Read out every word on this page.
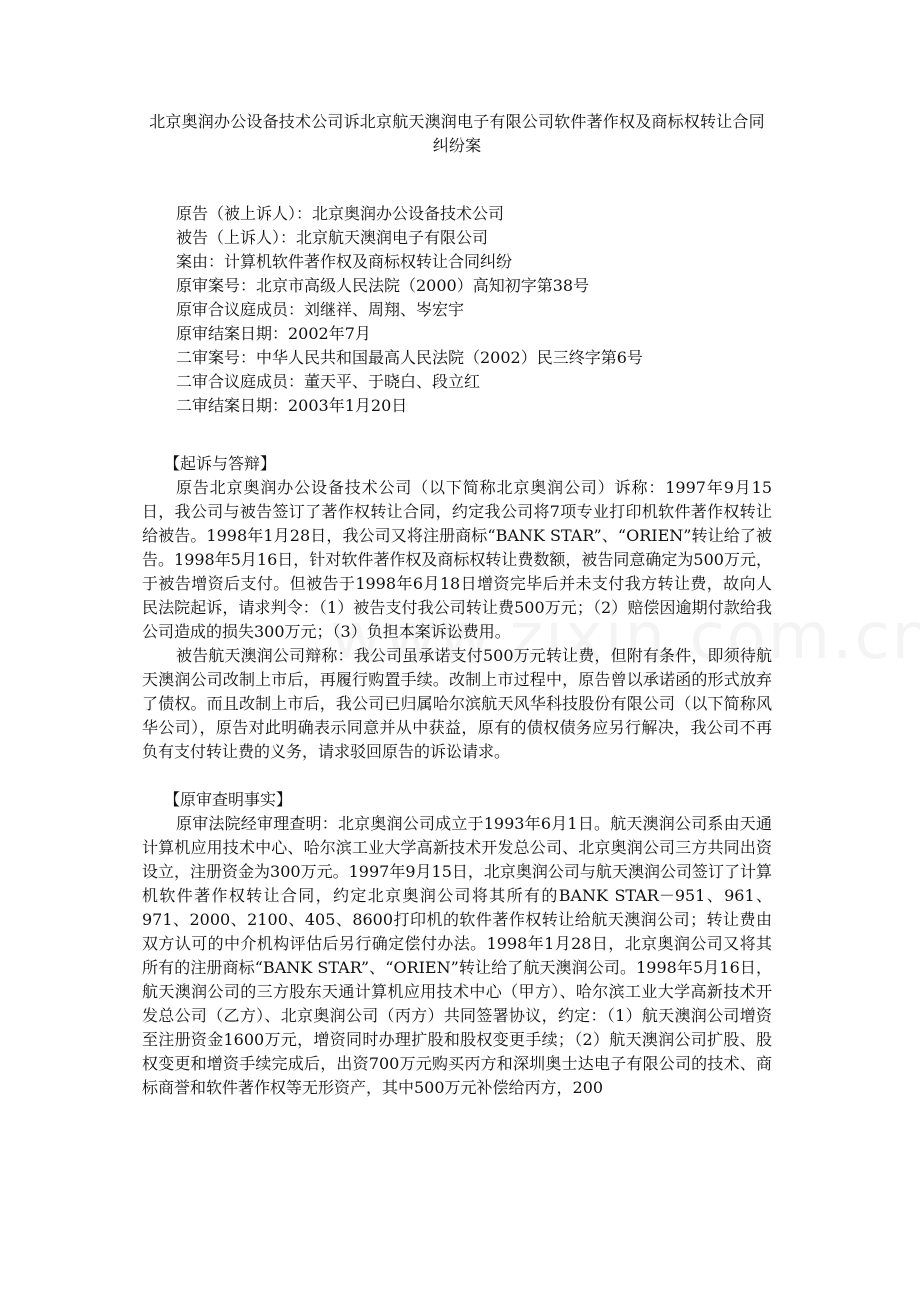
北京奥润办公设备技术公司诉北京航天澳润电子有限公司软件著作权及商标权转让合同纠纷案
原告（被上诉人）：北京奥润办公设备技术公司
被告（上诉人）：北京航天澳润电子有限公司
案由：计算机软件著作权及商标权转让合同纠纷
原审案号：北京市高级人民法院（2000）高知初字第38号
原审合议庭成员：刘继祥、周翔、岑宏宇
原审结案日期：2002年7月
二审案号：中华人民共和国最高人民法院（2002）民三终字第6号
二审合议庭成员：董天平、于晓白、段立红
二审结案日期：2003年1月20日
【起诉与答辩】

原告北京奥润办公设备技术公司（以下简称北京奥润公司）诉称：1997年9月15日，我公司与被告签订了著作权转让合同，约定我公司将7项专业打印机软件著作权转让给被告。1998年1月28日，我公司又将注册商标“BANK STAR”、“ORIEN”转让给了被告。1998年5月16日，针对软件著作权及商标权转让费数额，被告同意确定为500万元，于被告增资后支付。但被告于1998年6月18日增资完毕后并未支付我方转让费，故向人民法院起诉，请求判令：（1）被告支付我公司转让费500万元；（2）赔偿因逾期付款给我公司造成的损失300万元；（3）负担本案诉讼费用。

被告航天澳润公司辩称：我公司虽承诺支付500万元转让费，但附有条件，即须待航天澳润公司改制上市后，再履行购置手续。改制上市过程中，原告曾以承诺函的形式放弃了债权。而且改制上市后，我公司已归属哈尔滨航天风华科技股份有限公司（以下简称风华公司），原告对此明确表示同意并从中获益，原有的债权债务应另行解决，我公司不再负有支付转让费的义务，请求驳回原告的诉讼请求。

【原审查明事实】

原审法院经审理查明：北京奥润公司成立于1993年6月1日。航天澳润公司系由天通计算机应用技术中心、哈尔滨工业大学高新技术开发总公司、北京奥润公司三方共同出资设立，注册资金为300万元。1997年9月15日，北京奥润公司与航天澳润公司签订了计算机软件著作权转让合同，约定北京奥润公司将其所有的BANK STAR－951、961、971、2000、2100、405、8600打印机的软件著作权转让给航天澳润公司；转让费由双方认可的中介机构评估后另行确定偿付办法。1998年1月28日，北京奥润公司又将其所有的注册商标“BANK STAR”、“ORIEN”转让给了航天澳润公司。1998年5月16日，航天澳润公司的三方股东天通计算机应用技术中心（甲方）、哈尔滨工业大学高新技术开发总公司（乙方）、北京奥润公司（丙方）共同签署协议，约定：（1）航天澳润公司增资至注册资金1600万元，增资同时办理扩股和股权变更手续；（2）航天澳润公司扩股、股权变更和增资手续完成后，出资700万元购买丙方和深圳奥士达电子有限公司的技术、商标商誉和软件著作权等无形资产，其中500万元补偿给丙方，200
